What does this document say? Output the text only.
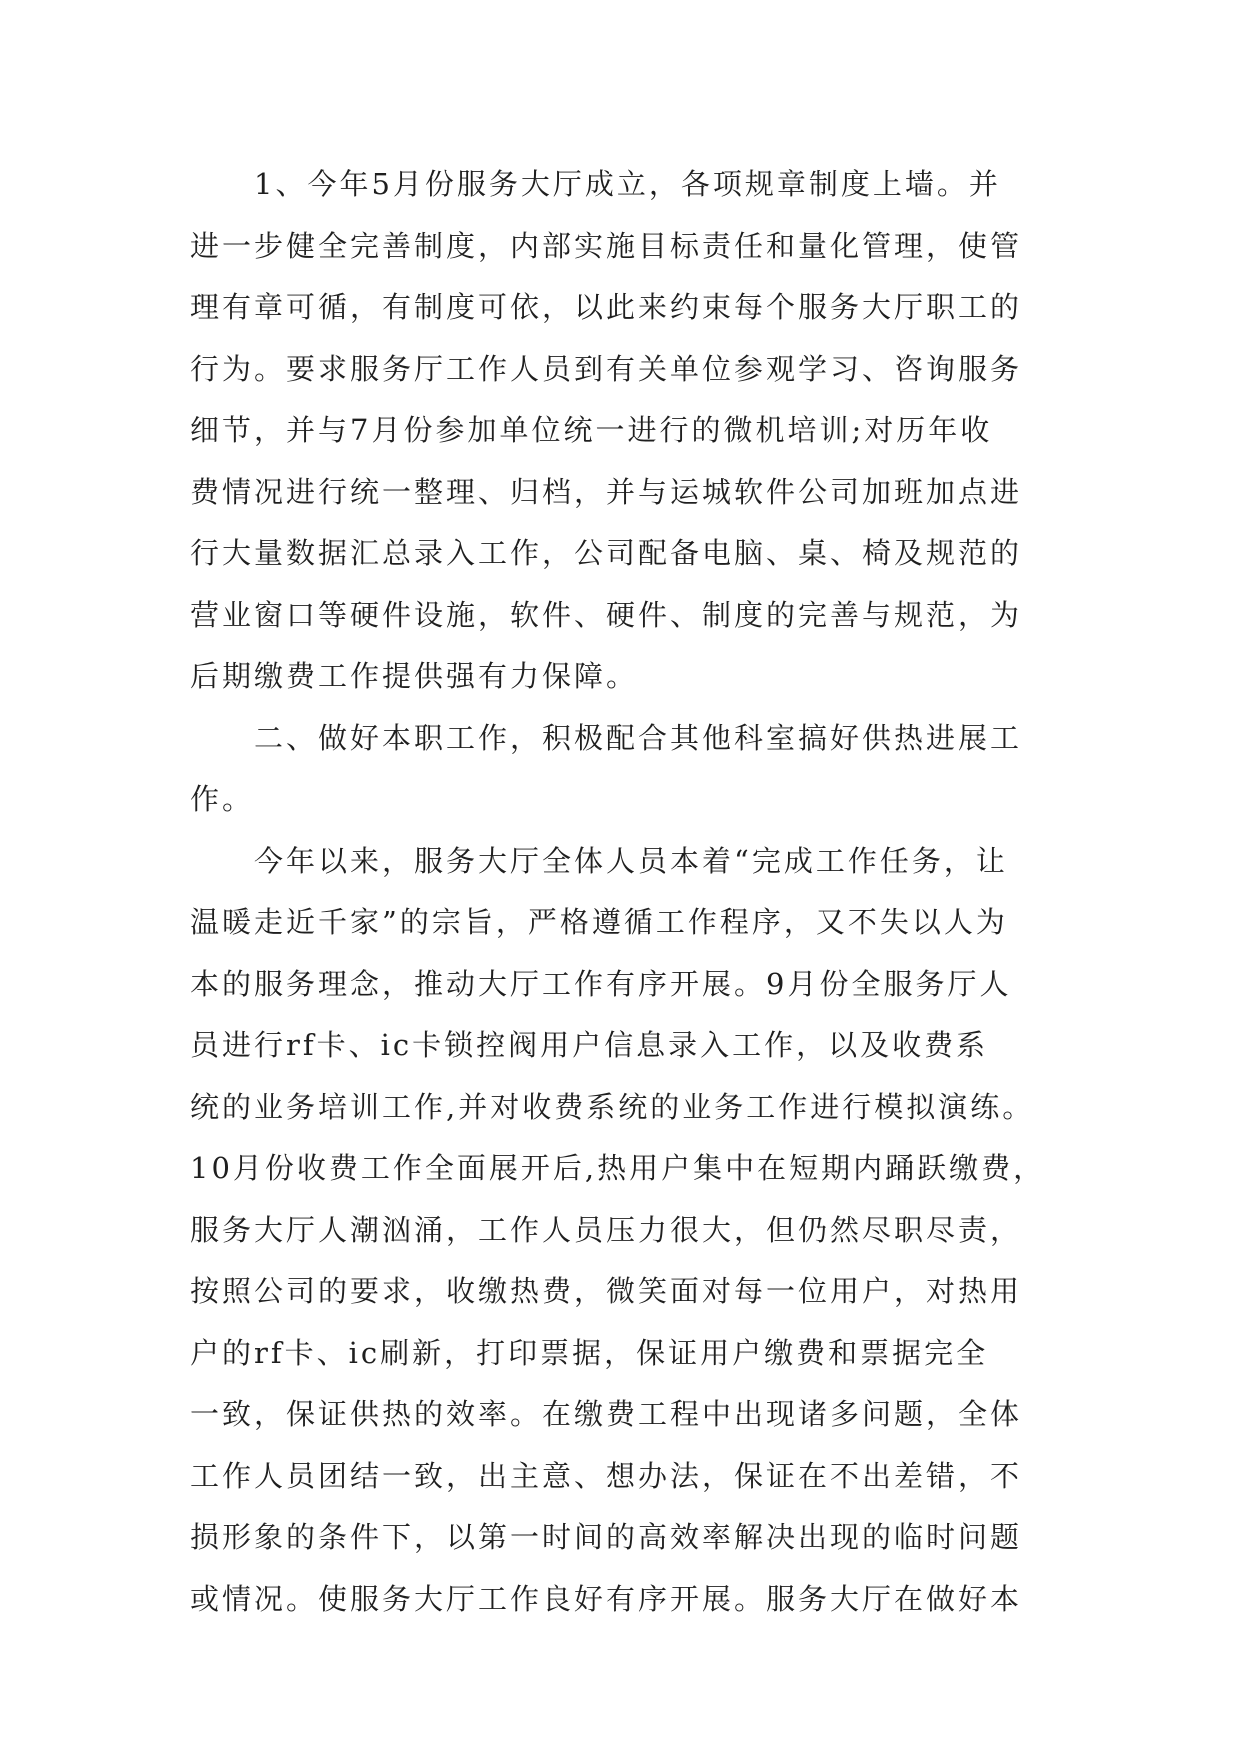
1、今年5月份服务大厅成立，各项规章制度上墙。并
进一步健全完善制度，内部实施目标责任和量化管理，使管
理有章可循，有制度可依，以此来约束每个服务大厅职工的
行为。要求服务厅工作人员到有关单位参观学习、咨询服务
细节，并与7月份参加单位统一进行的微机培训;对历年收
费情况进行统一整理、归档，并与运城软件公司加班加点进
行大量数据汇总录入工作，公司配备电脑、桌、椅及规范的
营业窗口等硬件设施，软件、硬件、制度的完善与规范，为
后期缴费工作提供强有力保障。
二、做好本职工作，积极配合其他科室搞好供热进展工
作。
今年以来，服务大厅全体人员本着“完成工作任务，让
温暖走近千家”的宗旨，严格遵循工作程序，又不失以人为
本的服务理念，推动大厅工作有序开展。9月份全服务厅人
员进行rf卡、ic卡锁控阀用户信息录入工作，以及收费系
统的业务培训工作,并对收费系统的业务工作进行模拟演练。
10月份收费工作全面展开后,热用户集中在短期内踊跃缴费，
服务大厅人潮汹涌，工作人员压力很大，但仍然尽职尽责，
按照公司的要求，收缴热费，微笑面对每一位用户，对热用
户的rf卡、ic刷新，打印票据，保证用户缴费和票据完全
一致，保证供热的效率。在缴费工程中出现诸多问题，全体
工作人员团结一致，出主意、想办法，保证在不出差错，不
损形象的条件下，以第一时间的高效率解决出现的临时问题
或情况。使服务大厅工作良好有序开展。服务大厅在做好本
